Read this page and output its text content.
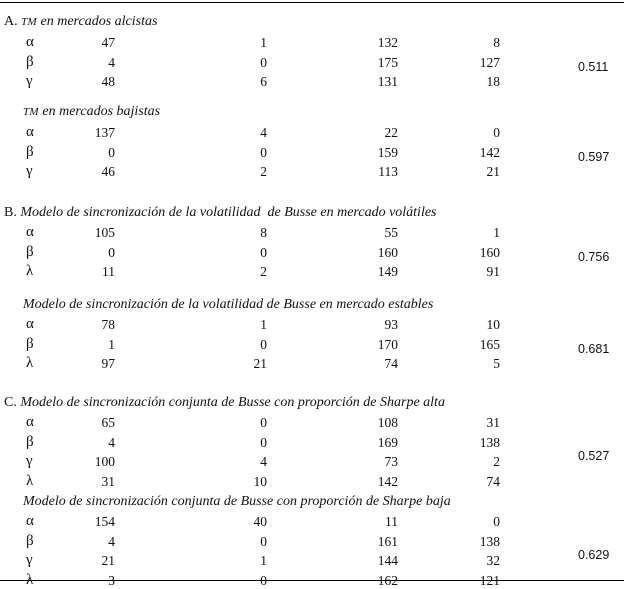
A. TM en mercados alcistas
α	47	1	132	8
β	4	0	175	127
γ	48	6	131	18
0.511
TM en mercados bajistas
α	137	4	22	0
β	0	0	159	142
γ	46	2	113	21
0.597
B. Modelo de sincronización de la volatilidad  de Busse en mercado volátiles
α	105	8	55	1
β	0	0	160	160
λ	11	2	149	91
0.756
Modelo de sincronización de la volatilidad de Busse en mercado estables
α	78	1	93	10
β	1	0	170	165
λ	97	21	74	5
0.681
C. Modelo de sincronización conjunta de Busse con proporción de Sharpe alta
α	65	0	108	31
β	4	0	169	138
γ	100	4	73	2
λ	31	10	142	74
0.527
Modelo de sincronización conjunta de Busse con proporción de Sharpe baja
α	154	40	11	0
β	4	0	161	138
γ	21	1	144	32
λ	3	0	162	121
0.629
